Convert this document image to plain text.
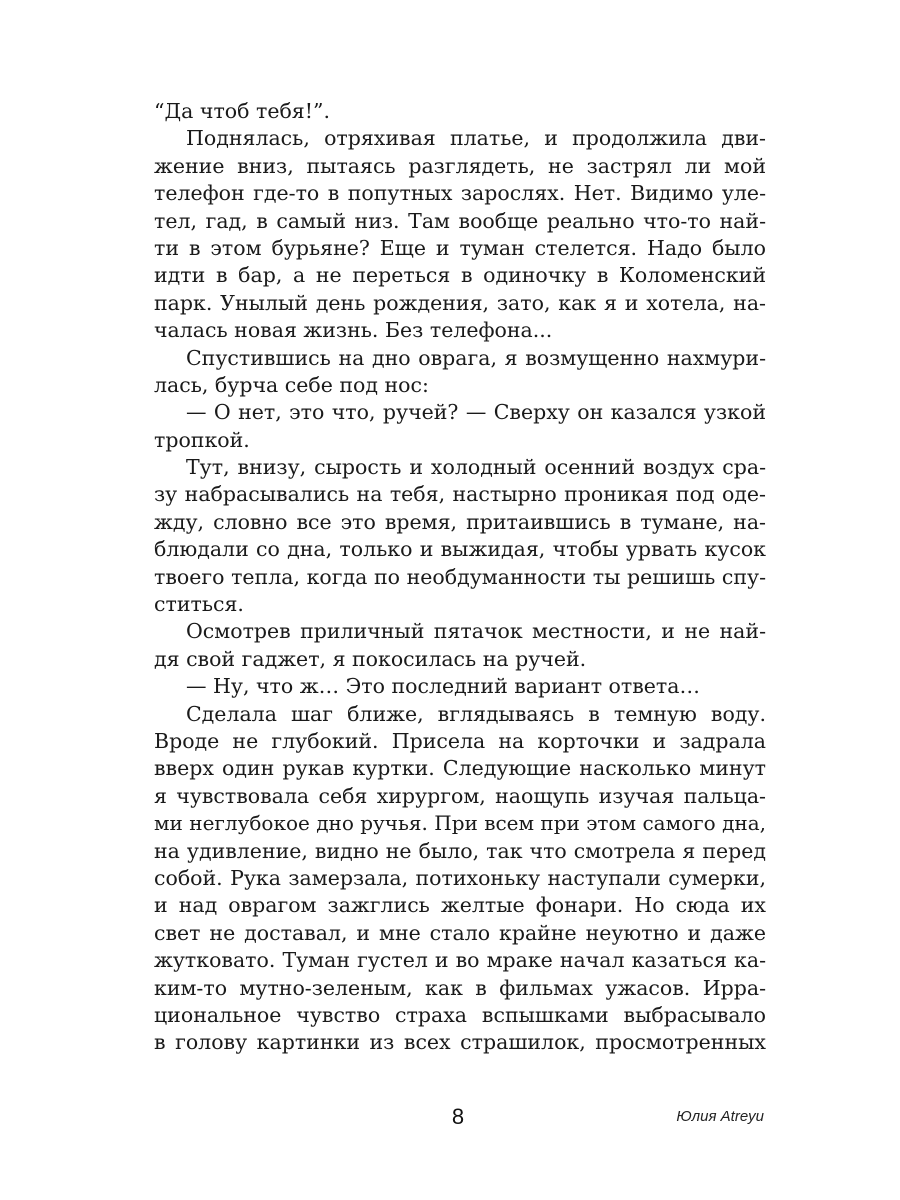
“Да чтоб тебя!”.
Поднялась, отряхивая платье, и продолжила дви-
жение вниз, пытаясь разглядеть, не застрял ли мой
телефон где-то в попутных зарослях. Нет. Видимо уле-
тел, гад, в самый низ. Там вообще реально что-то най-
ти в этом бурьяне? Еще и туман стелется. Надо было
идти в бар, а не переться в одиночку в Коломенский
парк. Унылый день рождения, зато, как я и хотела, на-
чалась новая жизнь. Без телефона...
Спустившись на дно оврага, я возмущенно нахмури-
лась, бурча себе под нос:
— О нет, это что, ручей? — Сверху он казался узкой
тропкой.
Тут, внизу, сырость и холодный осенний воздух сра-
зу набрасывались на тебя, настырно проникая под оде-
жду, словно все это время, притаившись в тумане, на-
блюдали со дна, только и выжидая, чтобы урвать кусок
твоего тепла, когда по необдуманности ты решишь спу-
ститься.
Осмотрев приличный пятачок местности, и не най-
дя свой гаджет, я покосилась на ручей.
— Ну, что ж… Это последний вариант ответа…
Сделала шаг ближе, вглядываясь в темную воду.
Вроде не глубокий. Присела на корточки и задрала
вверх один рукав куртки. Следующие насколько минут
я чувствовала себя хирургом, наощупь изучая пальца-
ми неглубокое дно ручья. При всем при этом самого дна,
на удивление, видно не было, так что смотрела я перед
собой. Рука замерзала, потихоньку наступали сумерки,
и над оврагом зажглись желтые фонари. Но сюда их
свет не доставал, и мне стало крайне неуютно и даже
жутковато. Туман густел и во мраке начал казаться ка-
ким-то мутно-зеленым, как в фильмах ужасов. Ирра-
циональное чувство страха вспышками выбрасывало
в голову картинки из всех страшилок, просмотренных
8	Юлия Atreyu
